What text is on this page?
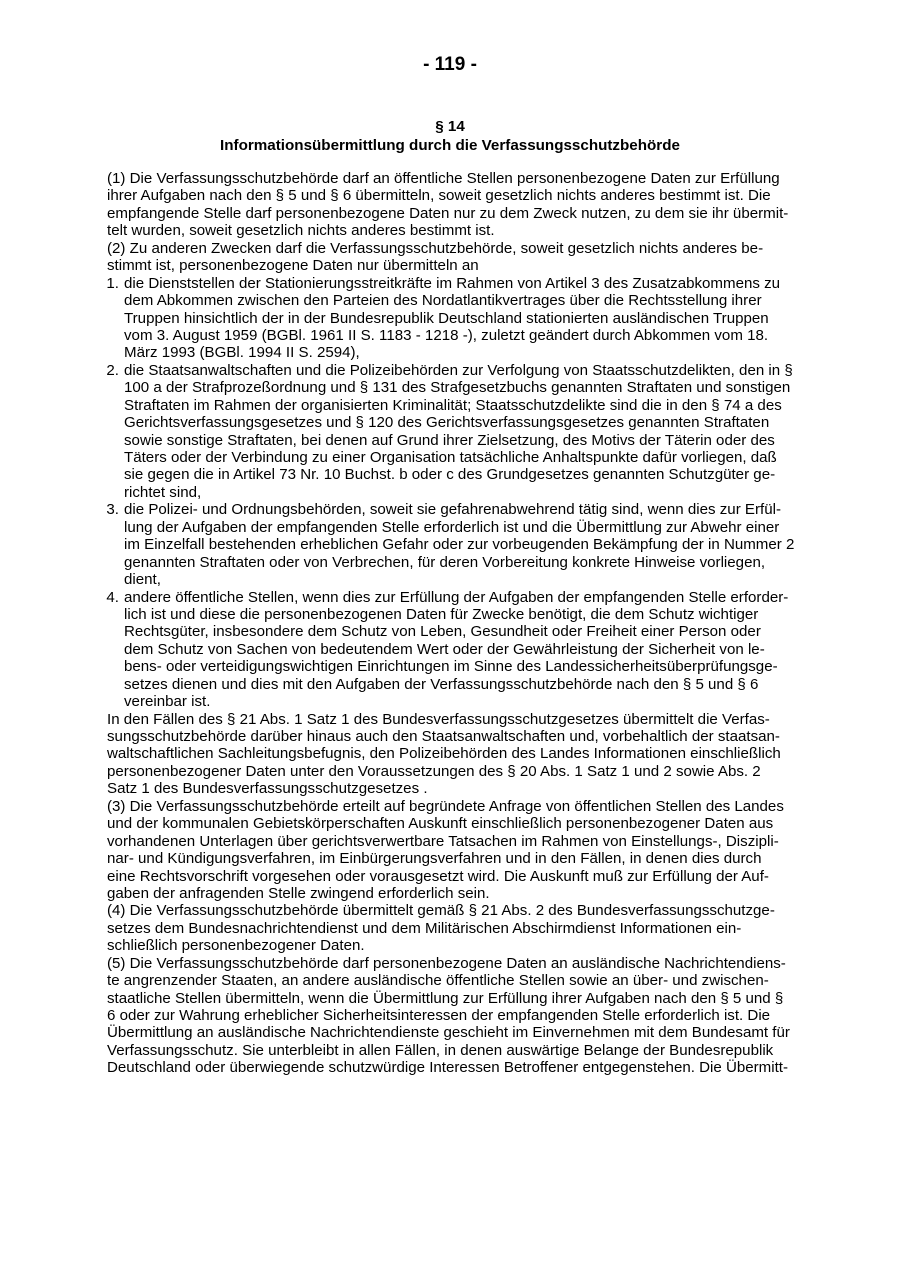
- 119 -
§ 14
Informationsübermittlung durch die Verfassungsschutzbehörde
(1) Die Verfassungsschutzbehörde darf an öffentliche Stellen personenbezogene Daten zur Erfüllung
ihrer Aufgaben nach den § 5 und § 6 übermitteln, soweit gesetzlich nichts anderes bestimmt ist. Die
empfangende Stelle darf personenbezogene Daten nur zu dem Zweck nutzen, zu dem sie ihr übermit-
telt wurden, soweit gesetzlich nichts anderes bestimmt ist.
(2) Zu anderen Zwecken darf die Verfassungsschutzbehörde, soweit gesetzlich nichts anderes be-
stimmt ist, personenbezogene Daten nur übermitteln an
1. die Dienststellen der Stationierungsstreitkräfte im Rahmen von Artikel 3 des Zusatzabkommens zu
dem Abkommen zwischen den Parteien des Nordatlantikvertrages über die Rechtsstellung ihrer
Truppen hinsichtlich der in der Bundesrepublik Deutschland stationierten ausländischen Truppen
vom 3. August 1959 (BGBl. 1961 II S. 1183 - 1218 -), zuletzt geändert durch Abkommen vom 18.
März 1993 (BGBl. 1994 II S. 2594),
2. die Staatsanwaltschaften und die Polizeibehörden zur Verfolgung von Staatsschutzdelikten, den in §
100 a der Strafprozeßordnung und § 131 des Strafgesetzbuchs genannten Straftaten und sonstigen
Straftaten im Rahmen der organisierten Kriminalität; Staatsschutzdelikte sind die in den § 74 a des
Gerichtsverfassungsgesetzes und § 120 des Gerichtsverfassungsgesetzes genannten Straftaten
sowie sonstige Straftaten, bei denen auf Grund ihrer Zielsetzung, des Motivs der Täterin oder des
Täters oder der Verbindung zu einer Organisation tatsächliche Anhaltspunkte dafür vorliegen, daß
sie gegen die in Artikel 73 Nr. 10 Buchst. b oder c des Grundgesetzes genannten Schutzgüter ge-
richtet sind,
3. die Polizei- und Ordnungsbehörden, soweit sie gefahrenabwehrend tätig sind, wenn dies zur Erfül-
lung der Aufgaben der empfangenden Stelle erforderlich ist und die Übermittlung zur Abwehr einer
im Einzelfall bestehenden erheblichen Gefahr oder zur vorbeugenden Bekämpfung der in Nummer 2
genannten Straftaten oder von Verbrechen, für deren Vorbereitung konkrete Hinweise vorliegen,
dient,
4. andere öffentliche Stellen, wenn dies zur Erfüllung der Aufgaben der empfangenden Stelle erforder-
lich ist und diese die personenbezogenen Daten für Zwecke benötigt, die dem Schutz wichtiger
Rechtsgüter, insbesondere dem Schutz von Leben, Gesundheit oder Freiheit einer Person oder
dem Schutz von Sachen von bedeutendem Wert oder der Gewährleistung der Sicherheit von le-
bens- oder verteidigungswichtigen Einrichtungen im Sinne des Landessicherheitsüberprüfungsge-
setzes dienen und dies mit den Aufgaben der Verfassungsschutzbehörde nach den § 5 und § 6
vereinbar ist.
In den Fällen des § 21 Abs. 1 Satz 1 des Bundesverfassungsschutzgesetzes übermittelt die Verfas-
sungsschutzbehörde darüber hinaus auch den Staatsanwaltschaften und, vorbehaltlich der staatsan-
waltschaftlichen Sachleitungsbefugnis, den Polizeibehörden des Landes Informationen einschließlich
personenbezogener Daten unter den Voraussetzungen des § 20 Abs. 1 Satz 1 und 2 sowie Abs. 2
Satz 1 des Bundesverfassungsschutzgesetzes .
(3) Die Verfassungsschutzbehörde erteilt auf begründete Anfrage von öffentlichen Stellen des Landes
und der kommunalen Gebietskörperschaften Auskunft einschließlich personenbezogener Daten aus
vorhandenen Unterlagen über gerichtsverwertbare Tatsachen im Rahmen von Einstellungs-, Diszipli-
nar- und Kündigungsverfahren, im Einbürgerungsverfahren und in den Fällen, in denen dies durch
eine Rechtsvorschrift vorgesehen oder vorausgesetzt wird. Die Auskunft muß zur Erfüllung der Auf-
gaben der anfragenden Stelle zwingend erforderlich sein.
(4) Die Verfassungsschutzbehörde übermittelt gemäß § 21 Abs. 2 des Bundesverfassungsschutzge-
setzes dem Bundesnachrichtendienst und dem Militärischen Abschirmdienst Informationen ein-
schließlich personenbezogener Daten.
(5) Die Verfassungsschutzbehörde darf personenbezogene Daten an ausländische Nachrichtendiens-
te angrenzender Staaten, an andere ausländische öffentliche Stellen sowie an über- und zwischen-
staatliche Stellen übermitteln, wenn die Übermittlung zur Erfüllung ihrer Aufgaben nach den § 5 und §
6 oder zur Wahrung erheblicher Sicherheitsinteressen der empfangenden Stelle erforderlich ist. Die
Übermittlung an ausländische Nachrichtendienste geschieht im Einvernehmen mit dem Bundesamt für
Verfassungsschutz. Sie unterbleibt in allen Fällen, in denen auswärtige Belange der Bundesrepublik
Deutschland oder überwiegende schutzwürdige Interessen Betroffener entgegenstehen. Die Übermitt-
